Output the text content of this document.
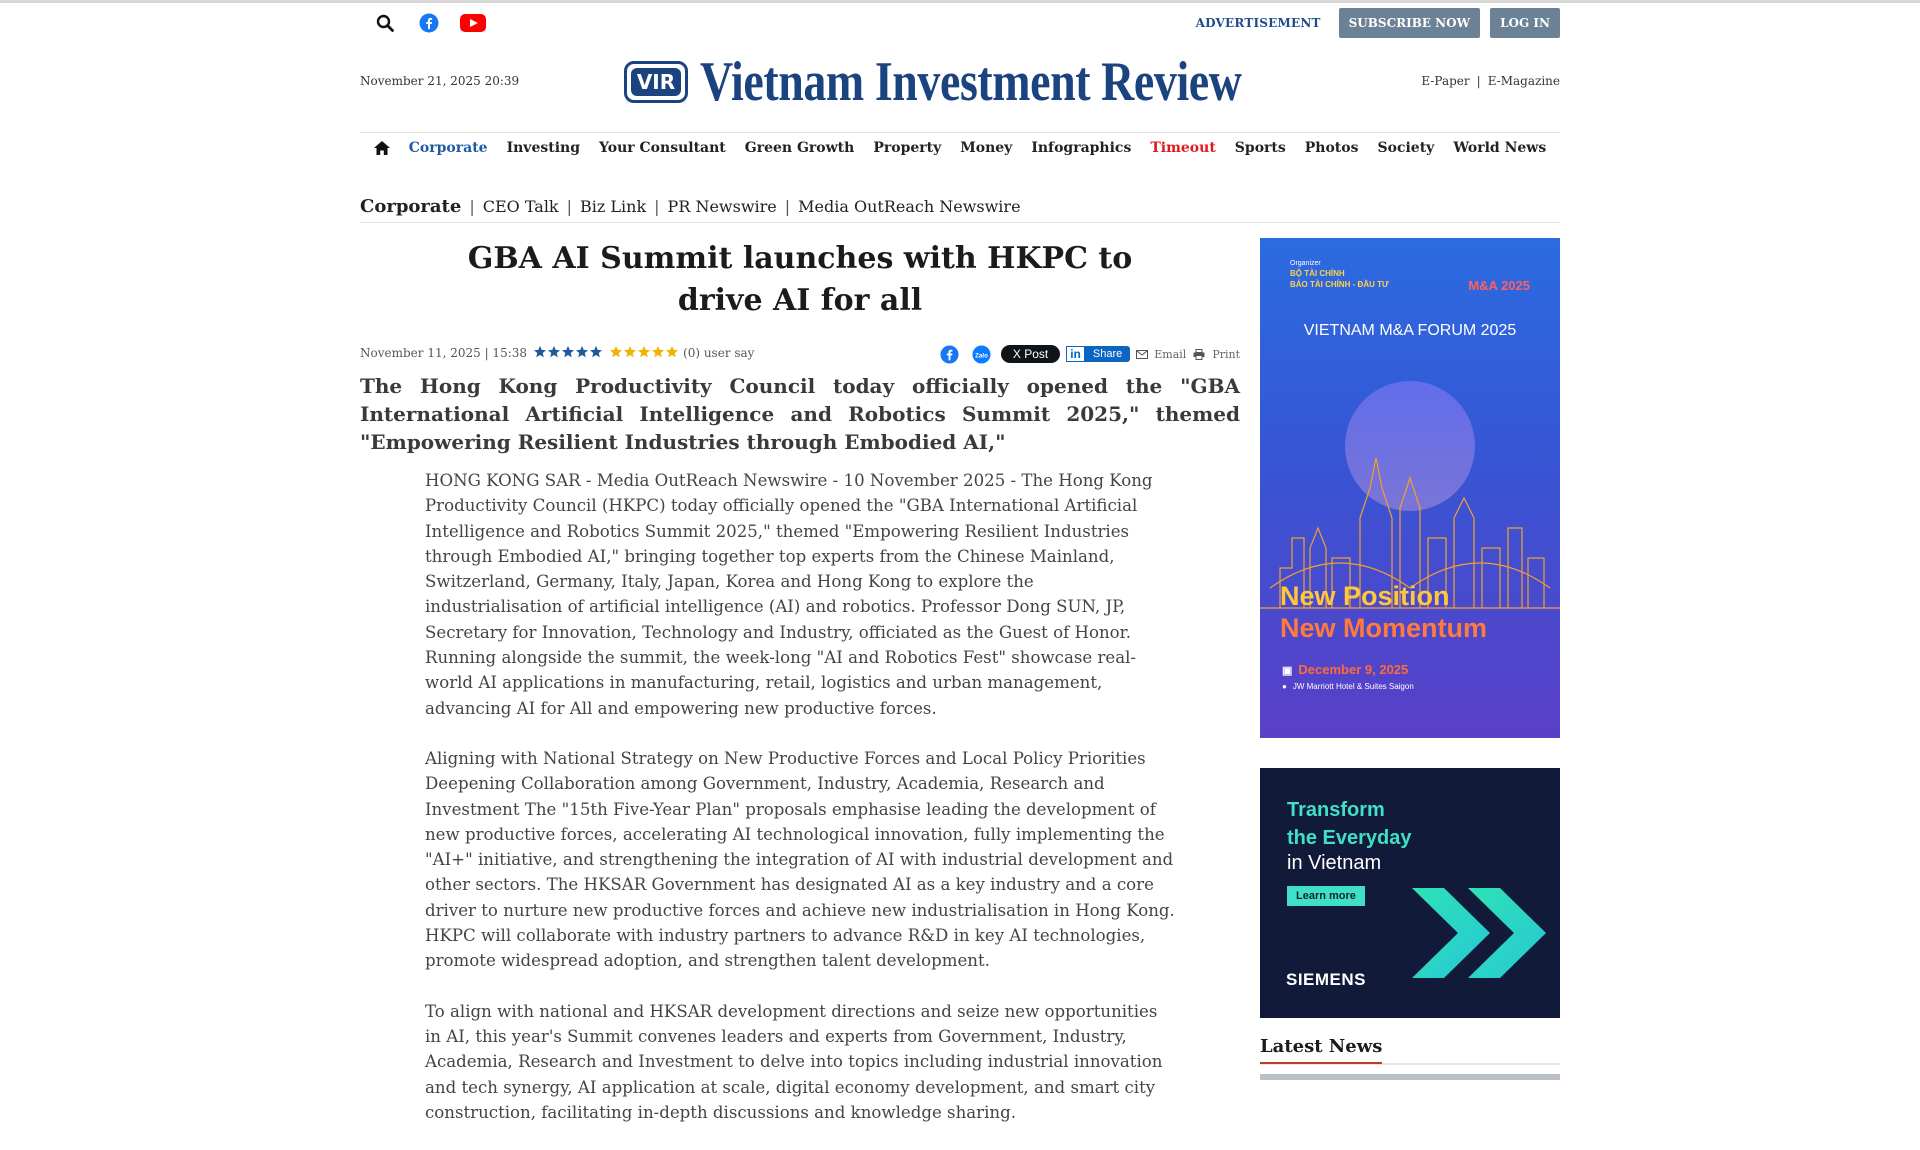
ADVERTISEMENT	SUBSCRIBE NOW	LOG IN
November 21, 2025 20:39	VIR Vietnam Investment Review	E-Paper | E-Magazine
Corporate Investing Your Consultant Green Growth Property Money Infographics Timeout Sports Photos Society World News
Corporate | CEO Talk | Biz Link | PR Newswire | Media OutReach Newswire
GBA AI Summit launches with HKPC to drive AI for all
November 11, 2025 | 15:38	(0) user say	Zalo	X Post	in	Share	Email Print

The Hong Kong Productivity Council today officially opened the "GBA International Artificial Intelligence and Robotics Summit 2025," themed "Empowering Resilient Industries through Embodied AI,"

HONG KONG SAR - Media OutReach Newswire - 10 November 2025 - The Hong Kong Productivity Council (HKPC) today officially opened the "GBA International Artificial Intelligence and Robotics Summit 2025," themed "Empowering Resilient Industries through Embodied AI," bringing together top experts from the Chinese Mainland, Switzerland, Germany, Italy, Japan, Korea and Hong Kong to explore the industrialisation of artificial intelligence (AI) and robotics. Professor Dong SUN, JP, Secretary for Innovation, Technology and Industry, officiated as the Guest of Honor. Running alongside the summit, the week-long "AI and Robotics Fest" showcase real-world AI applications in manufacturing, retail, logistics and urban management, advancing AI for All and empowering new productive forces.

Aligning with National Strategy on New Productive Forces and Local Policy Priorities Deepening Collaboration among Government, Industry, Academia, Research and Investment The "15th Five-Year Plan" proposals emphasise leading the development of new productive forces, accelerating AI technological innovation, fully implementing the "AI+" initiative, and strengthening the integration of AI with industrial development and other sectors. The HKSAR Government has designated AI as a key industry and a core driver to nurture new productive forces and achieve new industrialisation in Hong Kong. HKPC will collaborate with industry partners to advance R&D in key AI technologies, promote widespread adoption, and strengthen talent development.

To align with national and HKSAR development directions and seize new opportunities in AI, this year's Summit convenes leaders and experts from Government, Industry, Academia, Research and Investment to delve into topics including industrial innovation and tech synergy, AI application at scale, digital economy development, and smart city construction, facilitating in-depth discussions and knowledge sharing.

Organizer
BỘ TÀI CHÍNH
BÁO TÀI CHÍNH - ĐẦU TƯ	M&A 2025
VIETNAM M&A FORUM 2025
New Position
New Momentum
▣ December 9, 2025
● JW Marriott Hotel & Suites Saigon
Transform
the Everyday
in Vietnam
Learn more
SIEMENS
Latest News
